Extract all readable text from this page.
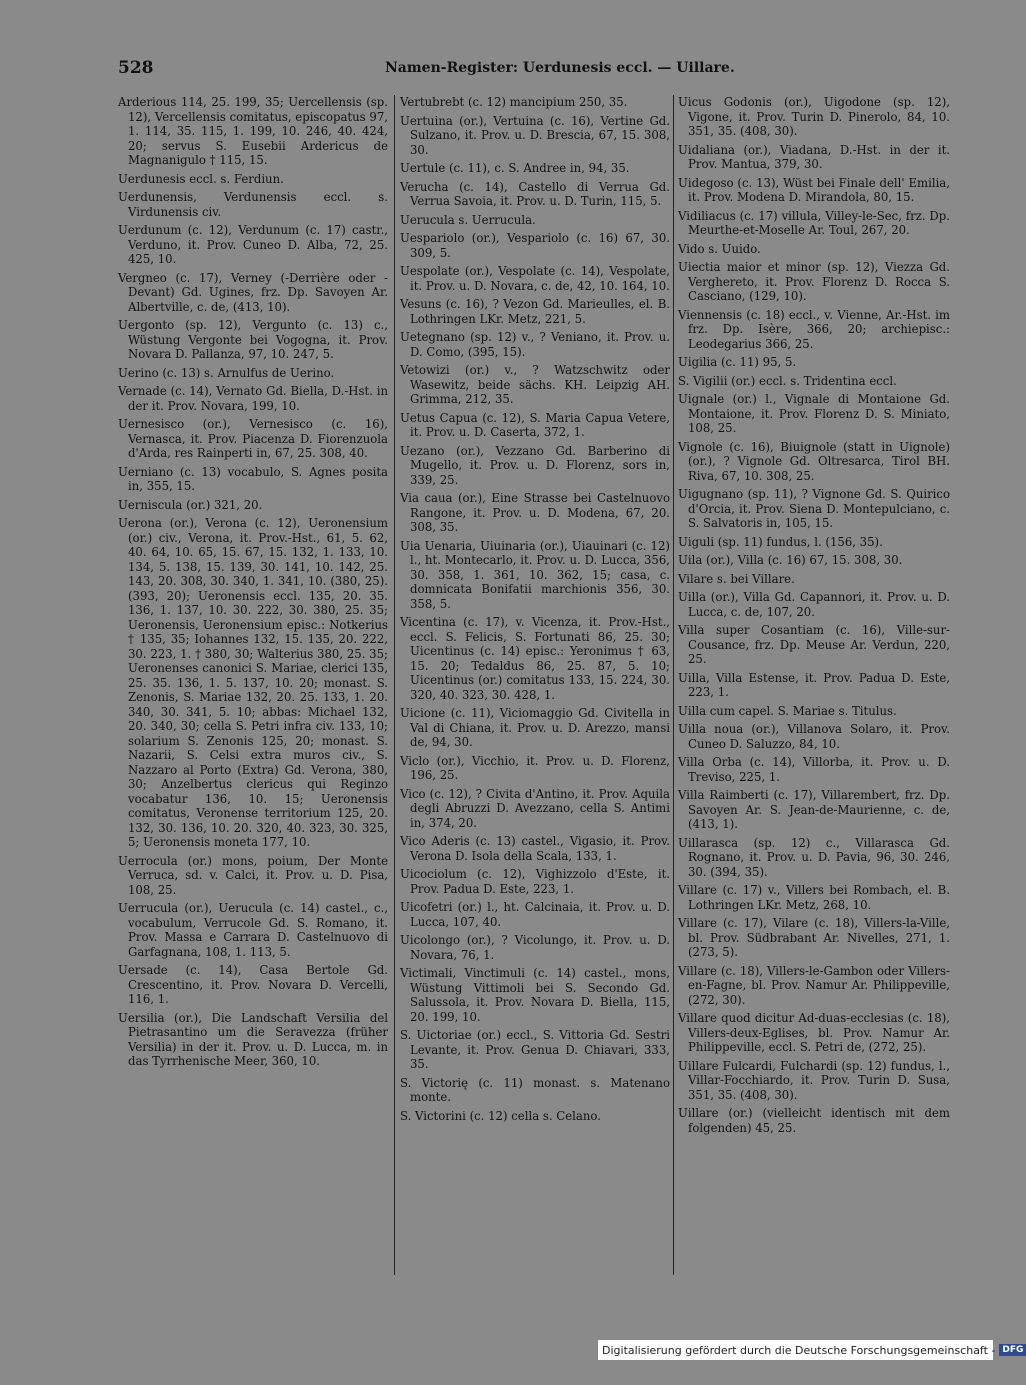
528	Namen-Register: Uerdunesis eccl. — Uillare.
Arderious 114, 25. 199, 35; Uercellensis (sp. 12), Vercellensis comitatus, episcopatus 97, 1. 114, 35. 115, 1. 199, 10. 246, 40. 424, 20; servus S. Eusebii Ardericus de Magnanigulo † 115, 15.
Uerdunesis eccl. s. Ferdiun.
Uerdunensis, Verdunensis eccl. s. Virdunensis civ.
Uerdunum (c. 12), Verdunum (c. 17) castr., Verduno, it. Prov. Cuneo D. Alba, 72, 25. 425, 10.
Vergneo (c. 17), Verney (-Derrière oder -Devant) Gd. Ugines, frz. Dp. Savoyen Ar. Albertville, c. de, (413, 10).
Uergonto (sp. 12), Vergunto (c. 13) c., Wüstung Vergonte bei Vogogna, it. Prov. Novara D. Pallanza, 97, 10. 247, 5.
Uerino (c. 13) s. Arnulfus de Uerino.
Vernade (c. 14), Vernato Gd. Biella, D.-Hst. in der it. Prov. Novara, 199, 10.
Uernesisco (or.), Vernesisco (c. 16), Vernasca, it. Prov. Piacenza D. Fiorenzuola d'Arda, res Rainperti in, 67, 25. 308, 40.
Uerniano (c. 13) vocabulo, S. Agnes posita in, 355, 15.
Uerniscula (or.) 321, 20.
Uerona (or.), Verona (c. 12), Ueronensium (or.) civ., Verona, it. Prov.-Hst., 61, 5. 62, 40. 64, 10. 65, 15. 67, 15. 132, 1. 133, 10. 134, 5. 138, 15. 139, 30. 141, 10. 142, 25. 143, 20. 308, 30. 340, 1. 341, 10. (380, 25). (393, 20); Ueronensis eccl. 135, 20. 35. 136, 1. 137, 10. 30. 222, 30. 380, 25. 35; Ueronensis, Ueronensium episc.: Notkerius † 135, 35; Iohannes 132, 15. 135, 20. 222, 30. 223, 1. † 380, 30; Walterius 380, 25. 35; Ueronenses canonici S. Mariae, clerici 135, 25. 35. 136, 1. 5. 137, 10. 20; monast. S. Zenonis, S. Mariae 132, 20. 25. 133, 1. 20. 340, 30. 341, 5. 10; abbas: Michael 132, 20. 340, 30; cella S. Petri infra civ. 133, 10; solarium S. Zenonis 125, 20; monast. S. Nazarii, S. Celsi extra muros civ., S. Nazzaro al Porto (Extra) Gd. Verona, 380, 30; Anzelbertus clericus qui Reginzo vocabatur 136, 10. 15; Ueronensis comitatus, Veronense territorium 125, 20. 132, 30. 136, 10. 20. 320, 40. 323, 30. 325, 5; Ueronensis moneta 177, 10.
Uerrocula (or.) mons, poium, Der Monte Verruca, sd. v. Calci, it. Prov. u. D. Pisa, 108, 25.
Uerrucula (or.), Uerucula (c. 14) castel., c., vocabulum, Verrucole Gd. S. Romano, it. Prov. Massa e Carrara D. Castelnuovo di Garfagnana, 108, 1. 113, 5.
Uersade (c. 14), Casa Bertole Gd. Crescentino, it. Prov. Novara D. Vercelli, 116, 1.
Uersilia (or.), Die Landschaft Versilia del Pietrasantino um die Seravezza (früher Versilia) in der it. Prov. u. D. Lucca, m. in das Tyrrhenische Meer, 360, 10.
Vertubrebt (c. 12) mancipium 250, 35.
Uertuina (or.), Vertuina (c. 16), Vertine Gd. Sulzano, it. Prov. u. D. Brescia, 67, 15. 308, 30.
Uertule (c. 11), c. S. Andree in, 94, 35.
Verucha (c. 14), Castello di Verrua Gd. Verrua Savoia, it. Prov. u. D. Turin, 115, 5.
Uerucula s. Uerrucula.
Uespariolo (or.), Vespariolo (c. 16) 67, 30. 309, 5.
Uespolate (or.), Vespolate (c. 14), Vespolate, it. Prov. u. D. Novara, c. de, 42, 10. 164, 10.
Vesuns (c. 16), ? Vezon Gd. Marieulles, el. B. Lothringen LKr. Metz, 221, 5.
Uetegnano (sp. 12) v., ? Veniano, it. Prov. u. D. Como, (395, 15).
Vetowizi (or.) v., ? Watzschwitz oder Wasewitz, beide sächs. KH. Leipzig AH. Grimma, 212, 35.
Uetus Capua (c. 12), S. Maria Capua Vetere, it. Prov. u. D. Caserta, 372, 1.
Uezano (or.), Vezzano Gd. Barberino di Mugello, it. Prov. u. D. Florenz, sors in, 339, 25.
Via caua (or.), Eine Strasse bei Castelnuovo Rangone, it. Prov. u. D. Modena, 67, 20. 308, 35.
Uia Uenaria, Uiuinaria (or.), Uiauinari (c. 12) l., ht. Montecarlo, it. Prov. u. D. Lucca, 356, 30. 358, 1. 361, 10. 362, 15; casa, c. domnicata Bonifatii marchionis 356, 30. 358, 5.
Vicentina (c. 17), v. Vicenza, it. Prov.-Hst., eccl. S. Felicis, S. Fortunati 86, 25. 30; Uicentinus (c. 14) episc.: Yeronimus † 63, 15. 20; Tedaldus 86, 25. 87, 5. 10; Uicentinus (or.) comitatus 133, 15. 224, 30. 320, 40. 323, 30. 428, 1.
Uicione (c. 11), Viciomaggio Gd. Civitella in Val di Chiana, it. Prov. u. D. Arezzo, mansi de, 94, 30.
Viclo (or.), Vicchio, it. Prov. u. D. Florenz, 196, 25.
Vico (c. 12), ? Civita d'Antino, it. Prov. Aquila degli Abruzzi D. Avezzano, cella S. Antimi in, 374, 20.
Vico Aderis (c. 13) castel., Vigasio, it. Prov. Verona D. Isola della Scala, 133, 1.
Uicociolum (c. 12), Vighizzolo d'Este, it. Prov. Padua D. Este, 223, 1.
Uicofetri (or.) l., ht. Calcinaia, it. Prov. u. D. Lucca, 107, 40.
Uicolongo (or.), ? Vicolungo, it. Prov. u. D. Novara, 76, 1.
Victimali, Vinctimuli (c. 14) castel., mons, Wüstung Vittimoli bei S. Secondo Gd. Salussola, it. Prov. Novara D. Biella, 115, 20. 199, 10.
S. Uictoriae (or.) eccl., S. Vittoria Gd. Sestri Levante, it. Prov. Genua D. Chiavari, 333, 35.
S. Victorię (c. 11) monast. s. Matenano monte.
S. Victorini (c. 12) cella s. Celano.
Uicus Godonis (or.), Uigodone (sp. 12), Vigone, it. Prov. Turin D. Pinerolo, 84, 10. 351, 35. (408, 30).
Uidaliana (or.), Viadana, D.-Hst. in der it. Prov. Mantua, 379, 30.
Uidegoso (c. 13), Wüst bei Finale dell' Emilia, it. Prov. Modena D. Mirandola, 80, 15.
Vidiliacus (c. 17) villula, Villey-le-Sec, frz. Dp. Meurthe-et-Moselle Ar. Toul, 267, 20.
Vido s. Uuido.
Uiectia maior et minor (sp. 12), Viezza Gd. Verghereto, it. Prov. Florenz D. Rocca S. Casciano, (129, 10).
Viennensis (c. 18) eccl., v. Vienne, Ar.-Hst. im frz. Dp. Isère, 366, 20; archiepisc.: Leodegarius 366, 25.
Uigilia (c. 11) 95, 5.
S. Vigilii (or.) eccl. s. Tridentina eccl.
Uignale (or.) l., Vignale di Montaione Gd. Montaione, it. Prov. Florenz D. S. Miniato, 108, 25.
Vignole (c. 16), Biuignole (statt in Uignole) (or.), ? Vignole Gd. Oltresarca, Tirol BH. Riva, 67, 10. 308, 25.
Uigugnano (sp. 11), ? Vignone Gd. S. Quirico d'Orcia, it. Prov. Siena D. Montepulciano, c. S. Salvatoris in, 105, 15.
Uiguli (sp. 11) fundus, l. (156, 35).
Uila (or.), Villa (c. 16) 67, 15. 308, 30.
Vilare s. bei Villare.
Uilla (or.), Villa Gd. Capannori, it. Prov. u. D. Lucca, c. de, 107, 20.
Villa super Cosantiam (c. 16), Ville-sur-Cousance, frz. Dp. Meuse Ar. Verdun, 220, 25.
Uilla, Villa Estense, it. Prov. Padua D. Este, 223, 1.
Uilla cum capel. S. Mariae s. Titulus.
Uilla noua (or.), Villanova Solaro, it. Prov. Cuneo D. Saluzzo, 84, 10.
Villa Orba (c. 14), Villorba, it. Prov. u. D. Treviso, 225, 1.
Villa Raimberti (c. 17), Villarembert, frz. Dp. Savoyen Ar. S. Jean-de-Maurienne, c. de, (413, 1).
Uillarasca (sp. 12) c., Villarasca Gd. Rognano, it. Prov. u. D. Pavia, 96, 30. 246, 30. (394, 35).
Villare (c. 17) v., Villers bei Rombach, el. B. Lothringen LKr. Metz, 268, 10.
Villare (c. 17), Vilare (c. 18), Villers-la-Ville, bl. Prov. Südbrabant Ar. Nivelles, 271, 1. (273, 5).
Villare (c. 18), Villers-le-Gambon oder Villers-en-Fagne, bl. Prov. Namur Ar. Philippeville, (272, 30).
Villare quod dicitur Ad-duas-ecclesias (c. 18), Villers-deux-Eglises, bl. Prov. Namur Ar. Philippeville, eccl. S. Petri de, (272, 25).
Uillare Fulcardi, Fulchardi (sp. 12) fundus, l., Villar-Focchiardo, it. Prov. Turin D. Susa, 351, 35. (408, 30).
Uillare (or.) (vielleicht identisch mit dem folgenden) 45, 25.
Digitalisierung gefördert durch die Deutsche Forschungsgemeinschaft - DFG
